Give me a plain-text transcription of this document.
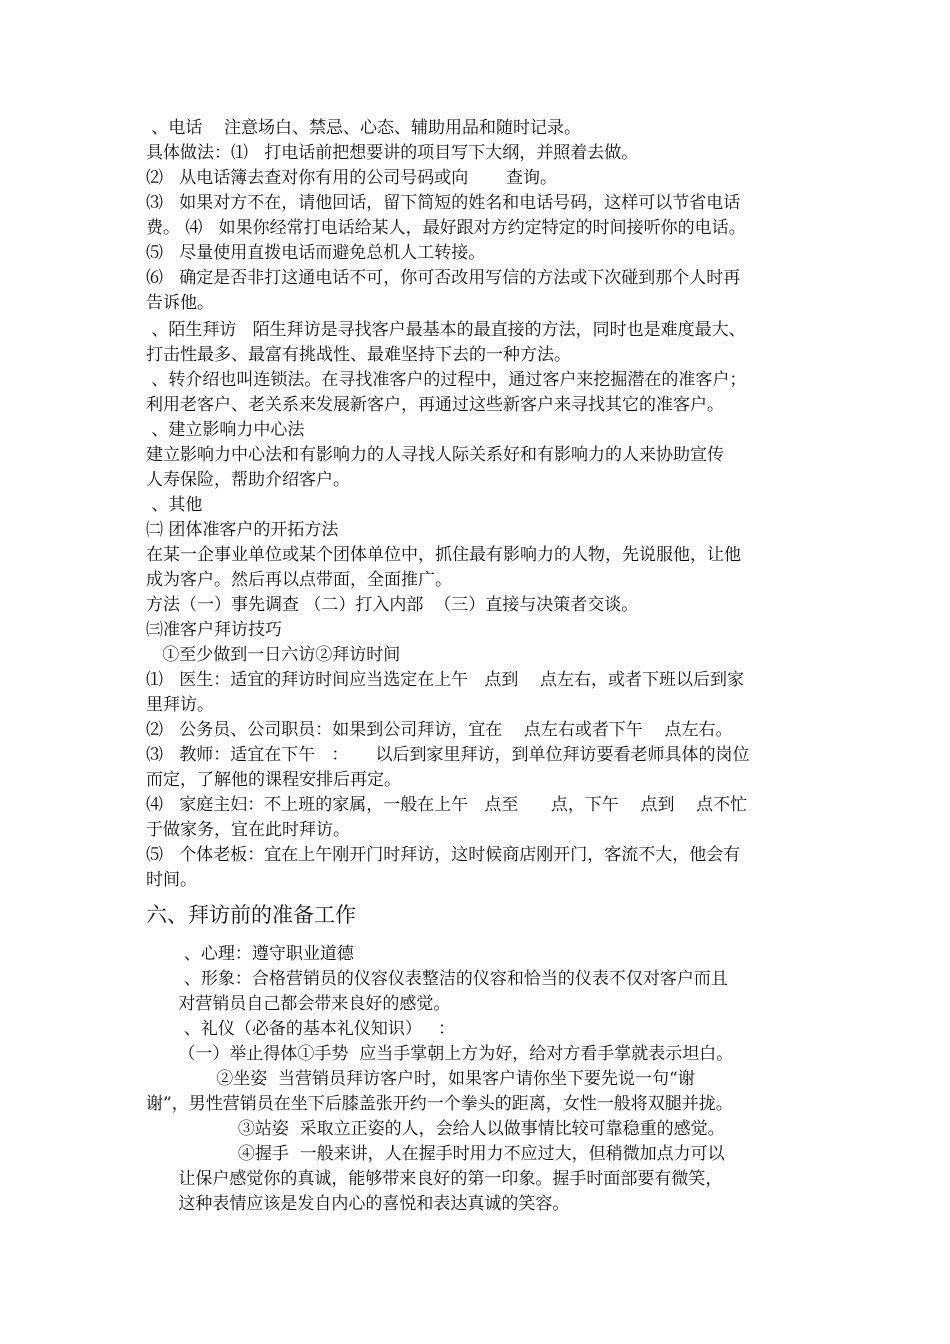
、电话    注意场白、禁忌、心态、辅助用品和随时记录。
具体做法：⑴   打电话前把想要讲的项目写下大纲，并照着去做。
⑵   从电话簿去查对你有用的公司号码或向       查询。
⑶   如果对方不在，请他回话，留下简短的姓名和电话号码，这样可以节省电话
费。 ⑷   如果你经常打电话给某人，最好跟对方约定特定的时间接听你的电话。
⑸   尽量使用直拨电话而避免总机人工转接。
⑹   确定是否非打这通电话不可，你可否改用写信的方法或下次碰到那个人时再
告诉他。
、陌生拜访   陌生拜访是寻找客户最基本的最直接的方法，同时也是难度最大、
打击性最多、最富有挑战性、最难坚持下去的一种方法。
、转介绍也叫连锁法。在寻找准客户的过程中，通过客户来挖掘潜在的准客户；
利用老客户、老关系来发展新客户，再通过这些新客户来寻找其它的准客户。
、建立影响力中心法
建立影响力中心法和有影响力的人寻找人际关系好和有影响力的人来协助宣传
人寿保险，帮助介绍客户。
、其他
㈡ 团体准客户的开拓方法
在某一企事业单位或某个团体单位中，抓住最有影响力的人物，先说服他，让他
成为客户。然后再以点带面，全面推广。
方法（一）事先调查 （二）打入内部  （三）直接与决策者交谈。
㈢准客户拜访技巧
①至少做到一日六访②拜访时间
⑴   医生：适宜的拜访时间应当选定在上午   点到    点左右，或者下班以后到家
里拜访。
⑵   公务员、公司职员：如果到公司拜访，宜在    点左右或者下午    点左右。
⑶   教师：适宜在下午   ：     以后到家里拜访，到单位拜访要看老师具体的岗位
而定，了解他的课程安排后再定。
⑷   家庭主妇：不上班的家属，一般在上午   点至      点，下午    点到    点不忙
于做家务，宜在此时拜访。
⑸   个体老板：宜在上午刚开门时拜访，这时候商店刚开门，客流不大，他会有
时间。
六、拜访前的准备工作
、心理：遵守职业道德
、形象：合格营销员的仪容仪表整洁的仪容和恰当的仪表不仅对客户而且
对营销员自己都会带来良好的感觉。
、礼仪（必备的基本礼仪知识）   ：
（一）举止得体①手势  应当手掌朝上方为好，给对方看手掌就表示坦白。
②坐姿  当营销员拜访客户时，如果客户请你坐下要先说一句“谢
谢”，男性营销员在坐下后膝盖张开约一个拳头的距离，女性一般将双腿并拢。
③站姿  采取立正姿的人，会给人以做事情比较可靠稳重的感觉。
④握手  一般来讲，人在握手时用力不应过大，但稍微加点力可以
让保户感觉你的真诚，能够带来良好的第一印象。握手时面部要有微笑，
这种表情应该是发自内心的喜悦和表达真诚的笑容。
